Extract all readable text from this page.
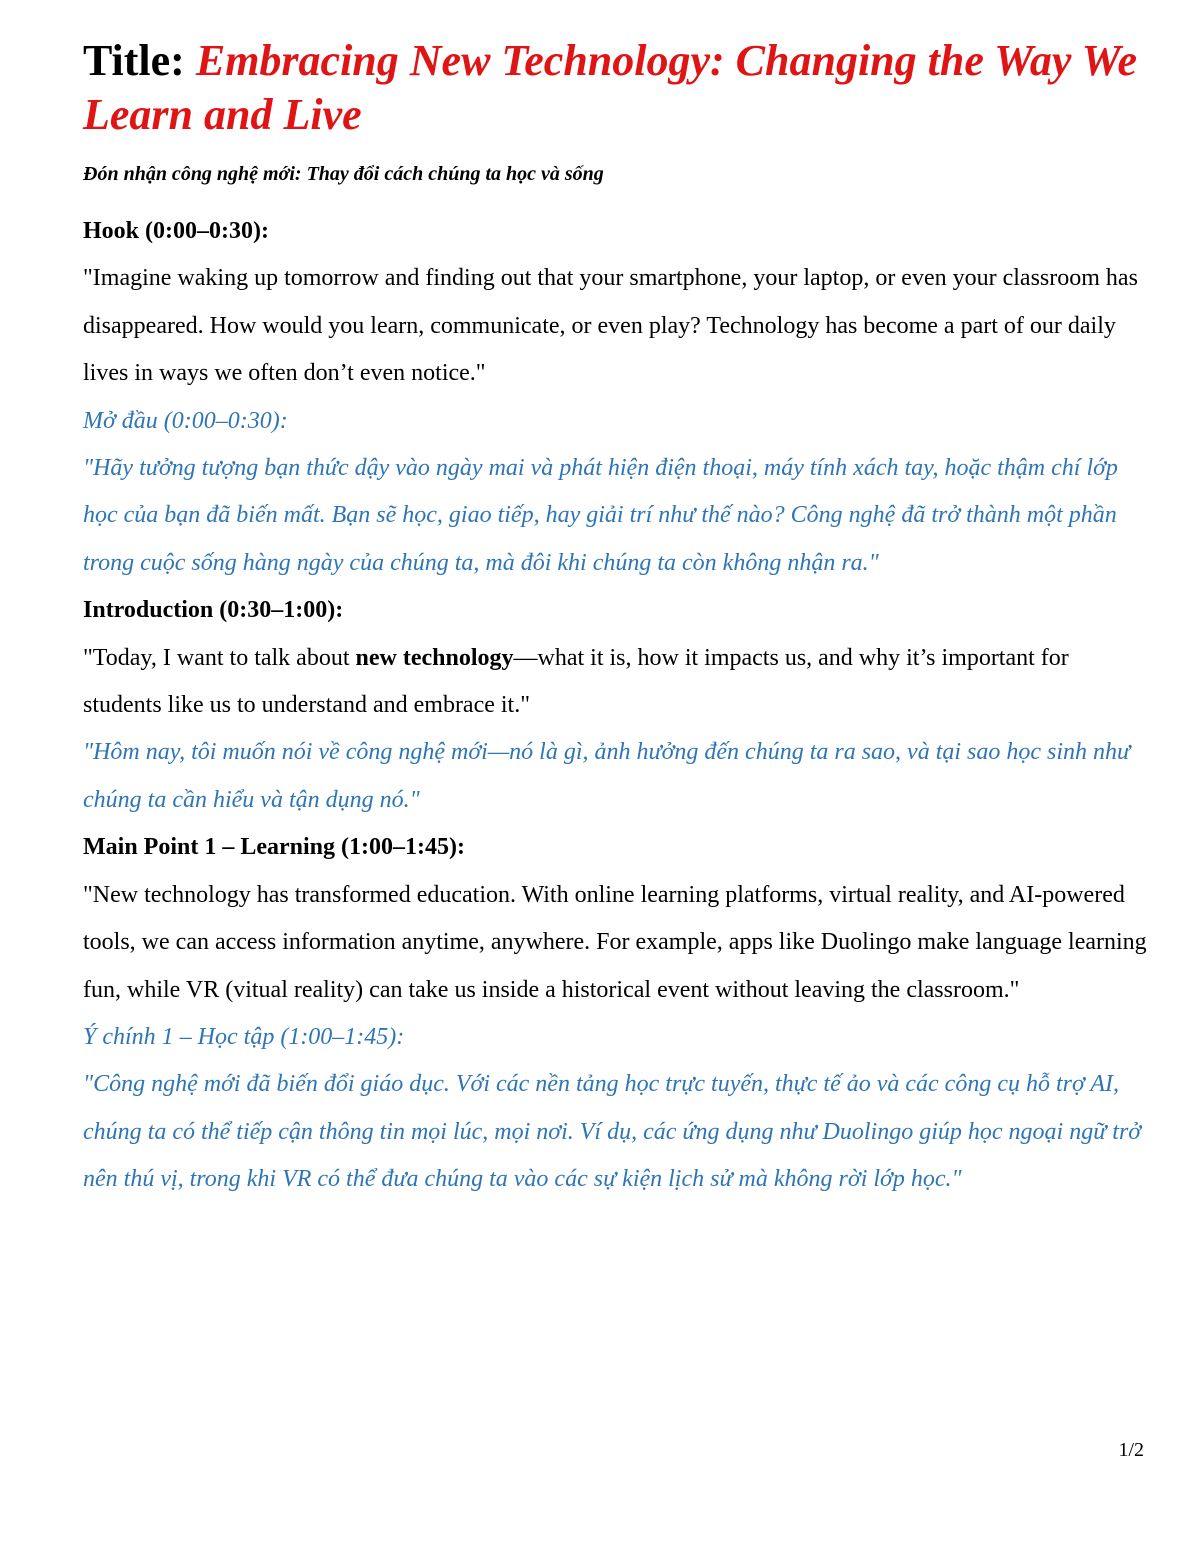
Title: Embracing New Technology: Changing the Way We Learn and Live

Đón nhận công nghệ mới: Thay đổi cách chúng ta học và sống

Hook (0:00–0:30):

"Imagine waking up tomorrow and finding out that your smartphone, your laptop, or even your classroom has disappeared. How would you learn, communicate, or even play? Technology has become a part of our daily lives in ways we often don’t even notice."

Mở đầu (0:00–0:30):

"Hãy tưởng tượng bạn thức dậy vào ngày mai và phát hiện điện thoại, máy tính xách tay, hoặc thậm chí lớp học của bạn đã biến mất. Bạn sẽ học, giao tiếp, hay giải trí như thế nào? Công nghệ đã trở thành một phần trong cuộc sống hàng ngày của chúng ta, mà đôi khi chúng ta còn không nhận ra."

Introduction (0:30–1:00):

"Today, I want to talk about new technology—what it is, how it impacts us, and why it’s important for students like us to understand and embrace it."

"Hôm nay, tôi muốn nói về công nghệ mới—nó là gì, ảnh hưởng đến chúng ta ra sao, và tại sao học sinh như chúng ta cần hiểu và tận dụng nó."

Main Point 1 – Learning (1:00–1:45):

"New technology has transformed education. With online learning platforms, virtual reality, and AI-powered tools, we can access information anytime, anywhere. For example, apps like Duolingo make language learning fun, while VR (vitual reality) can take us inside a historical event without leaving the classroom."

Ý chính 1 – Học tập (1:00–1:45):

"Công nghệ mới đã biến đổi giáo dục. Với các nền tảng học trực tuyến, thực tế ảo và các công cụ hỗ trợ AI, chúng ta có thể tiếp cận thông tin mọi lúc, mọi nơi. Ví dụ, các ứng dụng như Duolingo giúp học ngoại ngữ trở nên thú vị, trong khi VR có thể đưa chúng ta vào các sự kiện lịch sử mà không rời lớp học."

1/2
